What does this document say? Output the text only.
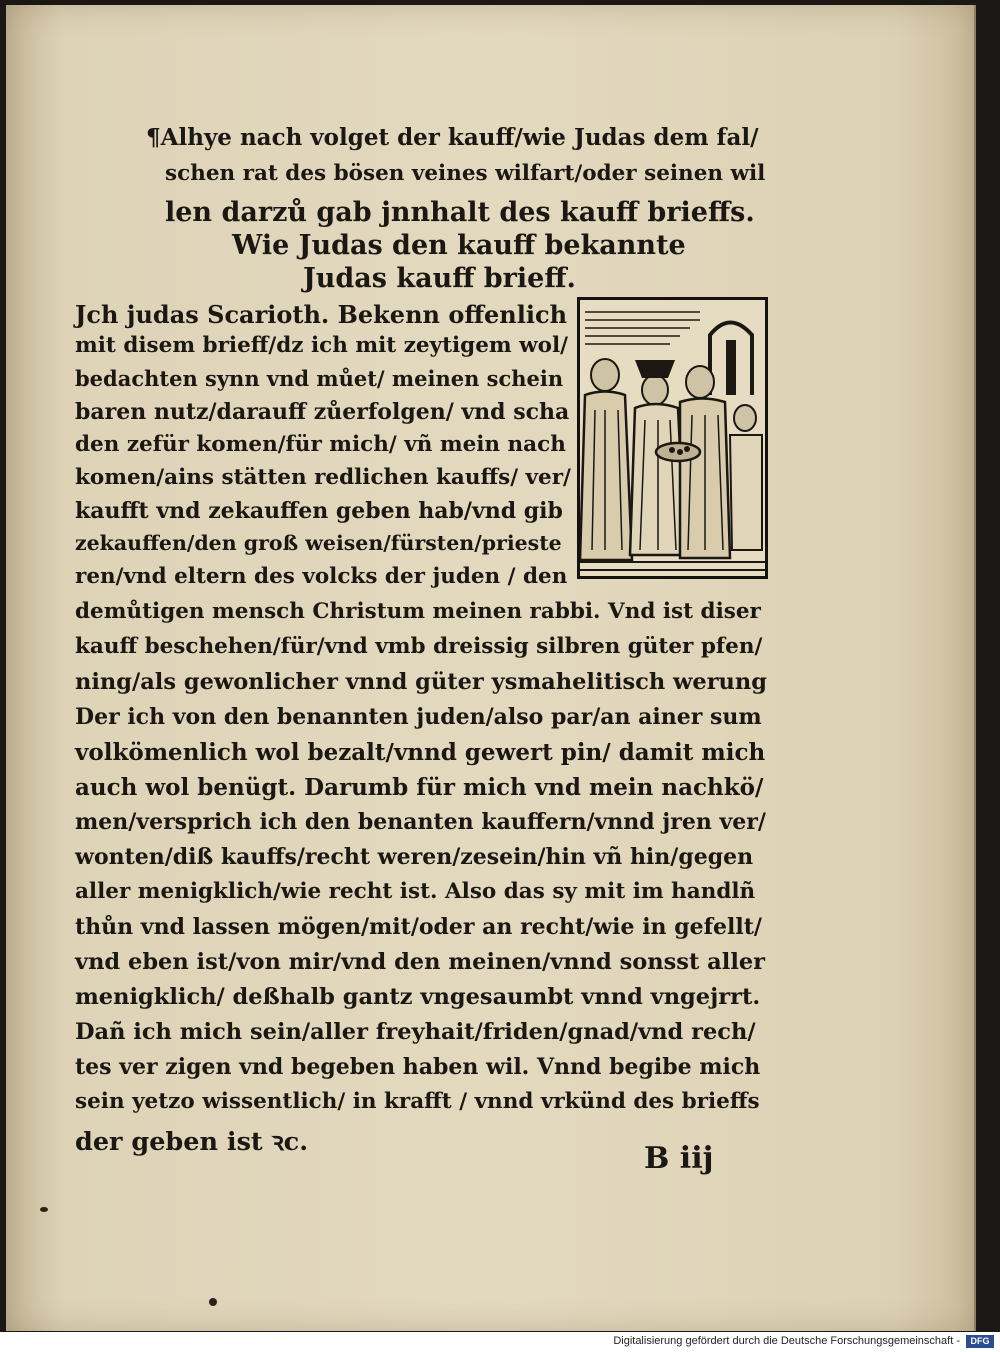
¶Alhye nach volget der kauff/wie Judas dem fal/
schen rat des bösen veines wilfart/oder seinen wil
len darzů gab jnnhalt des kauff brieffs.
Wie Judas den kauff bekannte
Judas kauff brieff.
Jch judas Scarioth. Bekenn offenlich
mit disem brieff/dz ich mit zeytigem wol/
bedachten synn vnd můet/ meinen schein
baren nutz/darauff zůerfolgen/ vnd scha
den zefür komen/für mich/ vñ mein nach
komen/ains stätten redlichen kauffs/ ver/
kaufft vnd zekauffen geben hab/vnd gib
zekauffen/den groß weisen/fürsten/prieste
ren/vnd eltern des volcks der juden / den
demůtigen mensch Christum meinen rabbi. Vnd ist diser
kauff beschehen/für/vnd vmb dreissig silbren güter pfen/
ning/als gewonlicher vnnd güter ysmahelitisch werung
Der ich von den benannten juden/also par/an ainer sum
volkömenlich wol bezalt/vnnd gewert pin/ damit mich
auch wol benügt. Darumb für mich vnd mein nachkö/
men/versprich ich den benanten kauffern/vnnd jren ver/
wonten/diß kauffs/recht weren/zesein/hin vñ hin/gegen
aller menigklich/wie recht ist. Also das sy mit im handlñ
thůn vnd lassen mögen/mit/oder an recht/wie in gefellt/
vnd eben ist/von mir/vnd den meinen/vnnd sonsst aller
menigklich/ deßhalb gantz vngesaumbt vnnd vngejrrt.
Dañ ich mich sein/aller freyhait/friden/gnad/vnd rech/
tes ver zigen vnd begeben haben wil. Vnnd begibe mich
sein yetzo wissentlich/ in krafft / vnnd vrkünd des brieffs
der geben ist ꝛc.	B iij
Digitalisierung gefördert durch die Deutsche Forschungsgemeinschaft -	DFG
